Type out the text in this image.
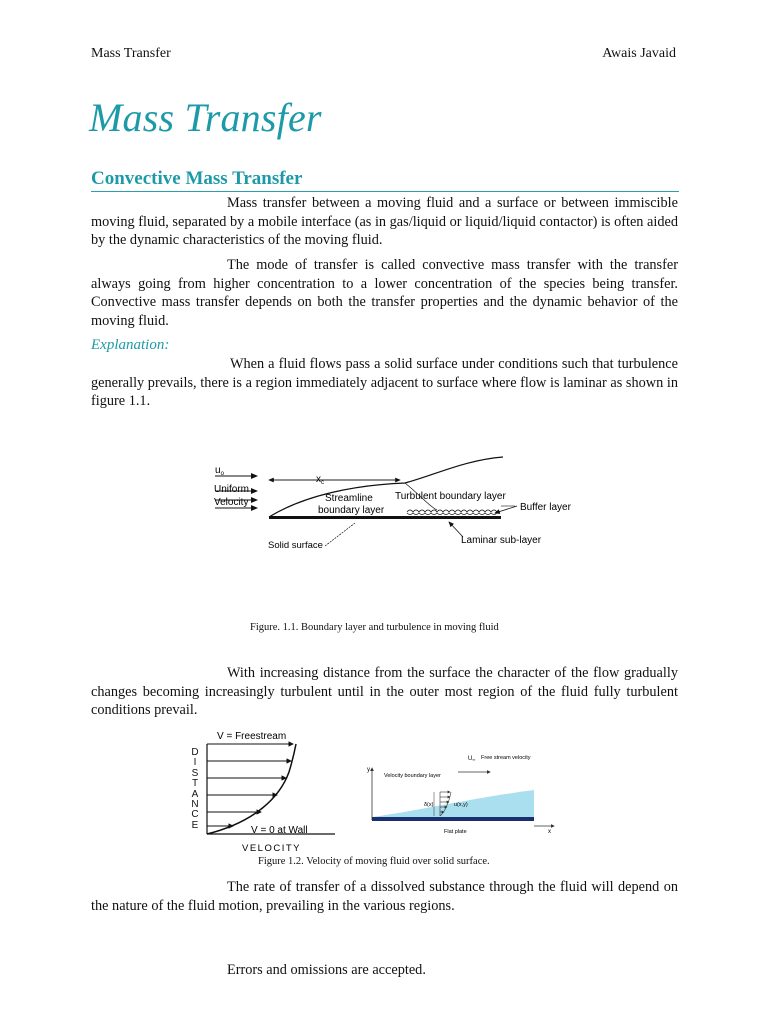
Mass Transfer	Awais Javaid
Mass Transfer
Convective Mass Transfer

Mass transfer between a moving fluid and a surface or between immiscible moving fluid, separated by a mobile interface (as in gas/liquid or liquid/liquid contactor) is often aided by the dynamic characteristics of the moving fluid.

The mode of transfer is called convective mass transfer with the transfer always going from higher concentration to a lower concentration of the species being transfer. Convective mass transfer depends on both the transfer properties and the dynamic behavior of the moving fluid.

Explanation:

When a fluid flows pass a solid surface under conditions such that turbulence generally prevails, there is a region immediately adjacent to surface where flow is laminar as shown in figure 1.1.

$u_o$
Uniform
Velocity
$x_c$
Streamline
boundary layer
Turbulent boundary layer
Buffer layer
Solid surface	Laminar sub-layer
Figure. 1.1. Boundary layer and turbulence in moving fluid

With increasing distance from the surface the character of the flow gradually changes becoming increasingly turbulent until in the outer most region of the fluid fully turbulent conditions prevail.

V = Freestream
V = 0 at Wall
VELOCITY
D
I
S
T
A
N
C
E
y
x
U∞ Free stream velocity
Velocity boundary layer
δ(x)	u(x,y)
Flat plate
Figure 1.2. Velocity of moving fluid over solid surface.

The rate of transfer of a dissolved substance through the fluid will depend on the nature of the fluid motion, prevailing in the various regions.

Errors and omissions are accepted.
